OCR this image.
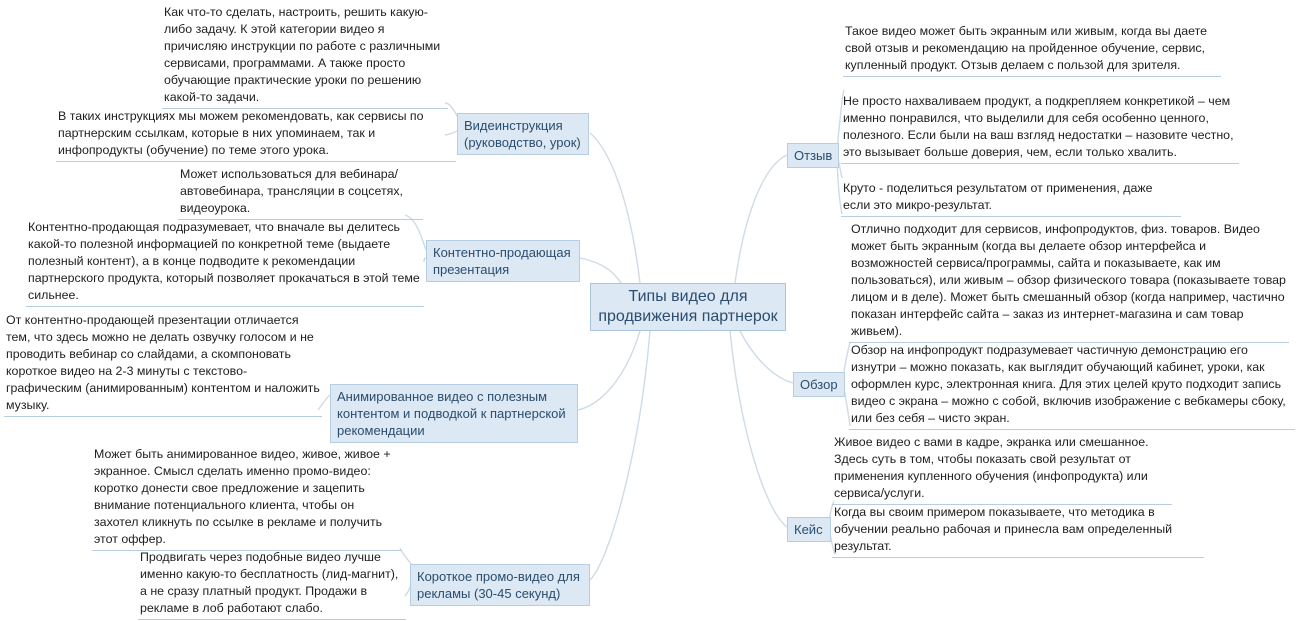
Типы видео для продвижения партнерок
Видеинструкция (руководство, урок)
Как что-то сделать, настроить, решить какую-либо задачу. К этой категории видео я причисляю инструкции по работе с различными сервисами, программами. А также просто обучающие практические уроки по решению какой-то задачи.
В таких инструкциях мы можем рекомендовать, как сервисы по партнерским ссылкам, которые в них упоминаем, так и инфопродукты (обучение) по теме этого урока.
Контентно-продающая презентация
Может использоваться для вебинара/ автовебинара, трансляции в соцсетях, видеоурока.
Контентно-продающая подразумевает, что вначале вы делитесь какой-то полезной информацией по конкретной теме (выдаете полезный контент), а в конце подводите к рекомендации партнерского продукта, который позволяет прокачаться в этой теме сильнее.
Анимированное видео с полезным контентом и подводкой к партнерской рекомендации
От контентно-продающей презентации отличается тем, что здесь можно не делать озвучку голосом и не проводить вебинар со слайдами, а скомпоновать короткое видео на 2-3 минуты с текстово-графическим (анимированным) контентом и наложить музыку.
Короткое промо-видео для рекламы (30-45 секунд)
Может быть анимированное видео, живое, живое + экранное. Смысл сделать именно промо-видео: коротко донести свое предложение и зацепить внимание потенциального клиента, чтобы он захотел кликнуть по ссылке в рекламе и получить этот оффер.
Продвигать через подобные видео лучше именно какую-то бесплатность (лид-магнит), а не сразу платный продукт. Продажи в рекламе в лоб работают слабо.
Отзыв
Такое видео может быть экранным или живым, когда вы даете свой отзыв и рекомендацию на пройденное обучение, сервис, купленный продукт. Отзыв делаем с пользой для зрителя.
Не просто нахваливаем продукт, а подкрепляем конкретикой – чем именно понравился, что выделили для себя особенно ценного, полезного. Если были на ваш взгляд недостатки – назовите честно, это вызывает больше доверия, чем, если только хвалить.
Круто - поделиться результатом от применения, даже если это микро-результат.
Обзор
Отлично подходит для сервисов, инфопродуктов, физ. товаров. Видео может быть экранным (когда вы делаете обзор интерфейса и возможностей сервиса/программы, сайта и показываете, как им пользоваться), или живым – обзор физического товара (показываете товар лицом и в деле). Может быть смешанный обзор (когда например, частично показан интерфейс сайта – заказ из интернет-магазина и сам товар живьем).
Обзор на инфопродукт подразумевает частичную демонстрацию его изнутри – можно показать, как выглядит обучающий кабинет, уроки, как оформлен курс, электронная книга. Для этих целей круто подходит запись видео с экрана – можно с собой, включив изображение с вебкамеры сбоку, или без себя – чисто экран.
Кейс
Живое видео с вами в кадре, экранка или смешанное. Здесь суть в том, чтобы показать свой результат от применения купленного обучения (инфопродукта) или сервиса/услуги.
Когда вы своим примером показываете, что методика в обучении реально рабочая и принесла вам определенный результат.
